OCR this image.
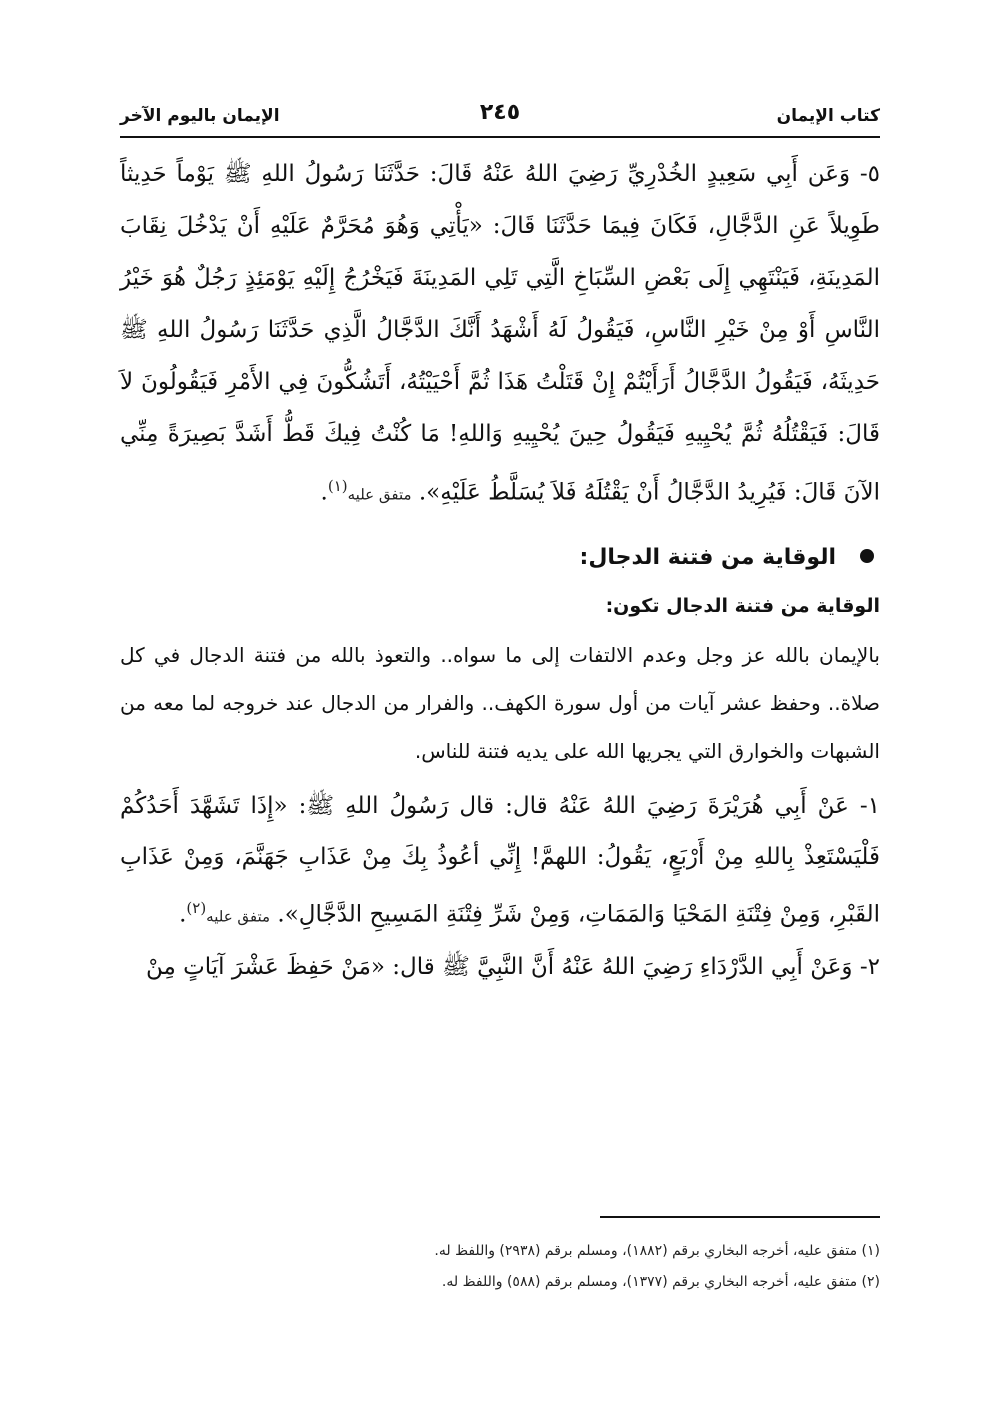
كتاب الإيمان
٢٤٥
الإيمان باليوم الآخر

٥- وَعَن أَبِي سَعِيدٍ الخُدْرِيِّ رَضِيَ اللهُ عَنْهُ قَالَ: حَدَّثَنَا رَسُولُ اللهِ ﷺ يَوْماً حَدِيثاً طَوِيلاً عَنِ الدَّجَّالِ، فَكَانَ فِيمَا حَدَّثَنَا قَالَ: «يَأْتِي وَهُوَ مُحَرَّمٌ عَلَيْهِ أَنْ يَدْخُلَ نِقَابَ المَدِينَةِ، فَيَنْتَهِي إِلَى بَعْضِ السِّبَاخِ الَّتِي تَلِي المَدِينَةَ فَيَخْرُجُ إِلَيْهِ يَوْمَئِذٍ رَجُلٌ هُوَ خَيْرُ النَّاسِ أَوْ مِنْ خَيْرِ النَّاسِ، فَيَقُولُ لَهُ أَشْهَدُ أَنَّكَ الدَّجَّالُ الَّذِي حَدَّثَنَا رَسُولُ اللهِ ﷺ حَدِيثَهُ، فَيَقُولُ الدَّجَّالُ أَرَأَيْتُمْ إِنْ قَتَلْتُ هَذَا ثُمَّ أَحْيَيْتُهُ، أَتَشُكُّونَ فِي الأَمْرِ فَيَقُولُونَ لاَ قَالَ: فَيَقْتُلُهُ ثُمَّ يُحْيِيهِ فَيَقُولُ حِينَ يُحْيِيهِ وَاللهِ! مَا كُنْتُ فِيكَ قَطُّ أَشَدَّ بَصِيرَةً مِنِّي الآنَ قَالَ: فَيُرِيدُ الدَّجَّالُ أَنْ يَقْتُلَهُ فَلاَ يُسَلَّطُ عَلَيْهِ». متفق عليه$^{(١)}$.

الوقاية من فتنة الدجال:

الوقاية من فتنة الدجال تكون:

بالإيمان بالله عز وجل وعدم الالتفات إلى ما سواه.. والتعوذ بالله من فتنة الدجال في كل صلاة.. وحفظ عشر آيات من أول سورة الكهف.. والفرار من الدجال عند خروجه لما معه من الشبهات والخوارق التي يجريها الله على يديه فتنة للناس.

١- عَنْ أَبِي هُرَيْرَةَ رَضِيَ اللهُ عَنْهُ قال: قال رَسُولُ اللهِ ﷺ: «إِذَا تَشَهَّدَ أَحَدُكُمْ فَلْيَسْتَعِذْ بِاللهِ مِنْ أَرْبَعٍ، يَقُولُ: اللهمَّ! إِنِّي أعُوذُ بِكَ مِنْ عَذَابِ جَهَنَّمَ، وَمِنْ عَذَابِ القَبْرِ، وَمِنْ فِتْنَةِ المَحْيَا وَالمَمَاتِ، وَمِنْ شَرِّ فِتْنَةِ المَسِيحِ الدَّجَّالِ». متفق عليه$^{(٢)}$.

٢- وَعَنْ أَبِي الدَّرْدَاءِ رَضِيَ اللهُ عَنْهُ أَنَّ النَّبِيَّ ﷺ قال: «مَنْ حَفِظَ عَشْرَ آيَاتٍ مِنْ

(١) متفق عليه، أخرجه البخاري برقم (١٨٨٢)، ومسلم برقم (٢٩٣٨) واللفظ له.

(٢) متفق عليه، أخرجه البخاري برقم (١٣٧٧)، ومسلم برقم (٥٨٨) واللفظ له.
